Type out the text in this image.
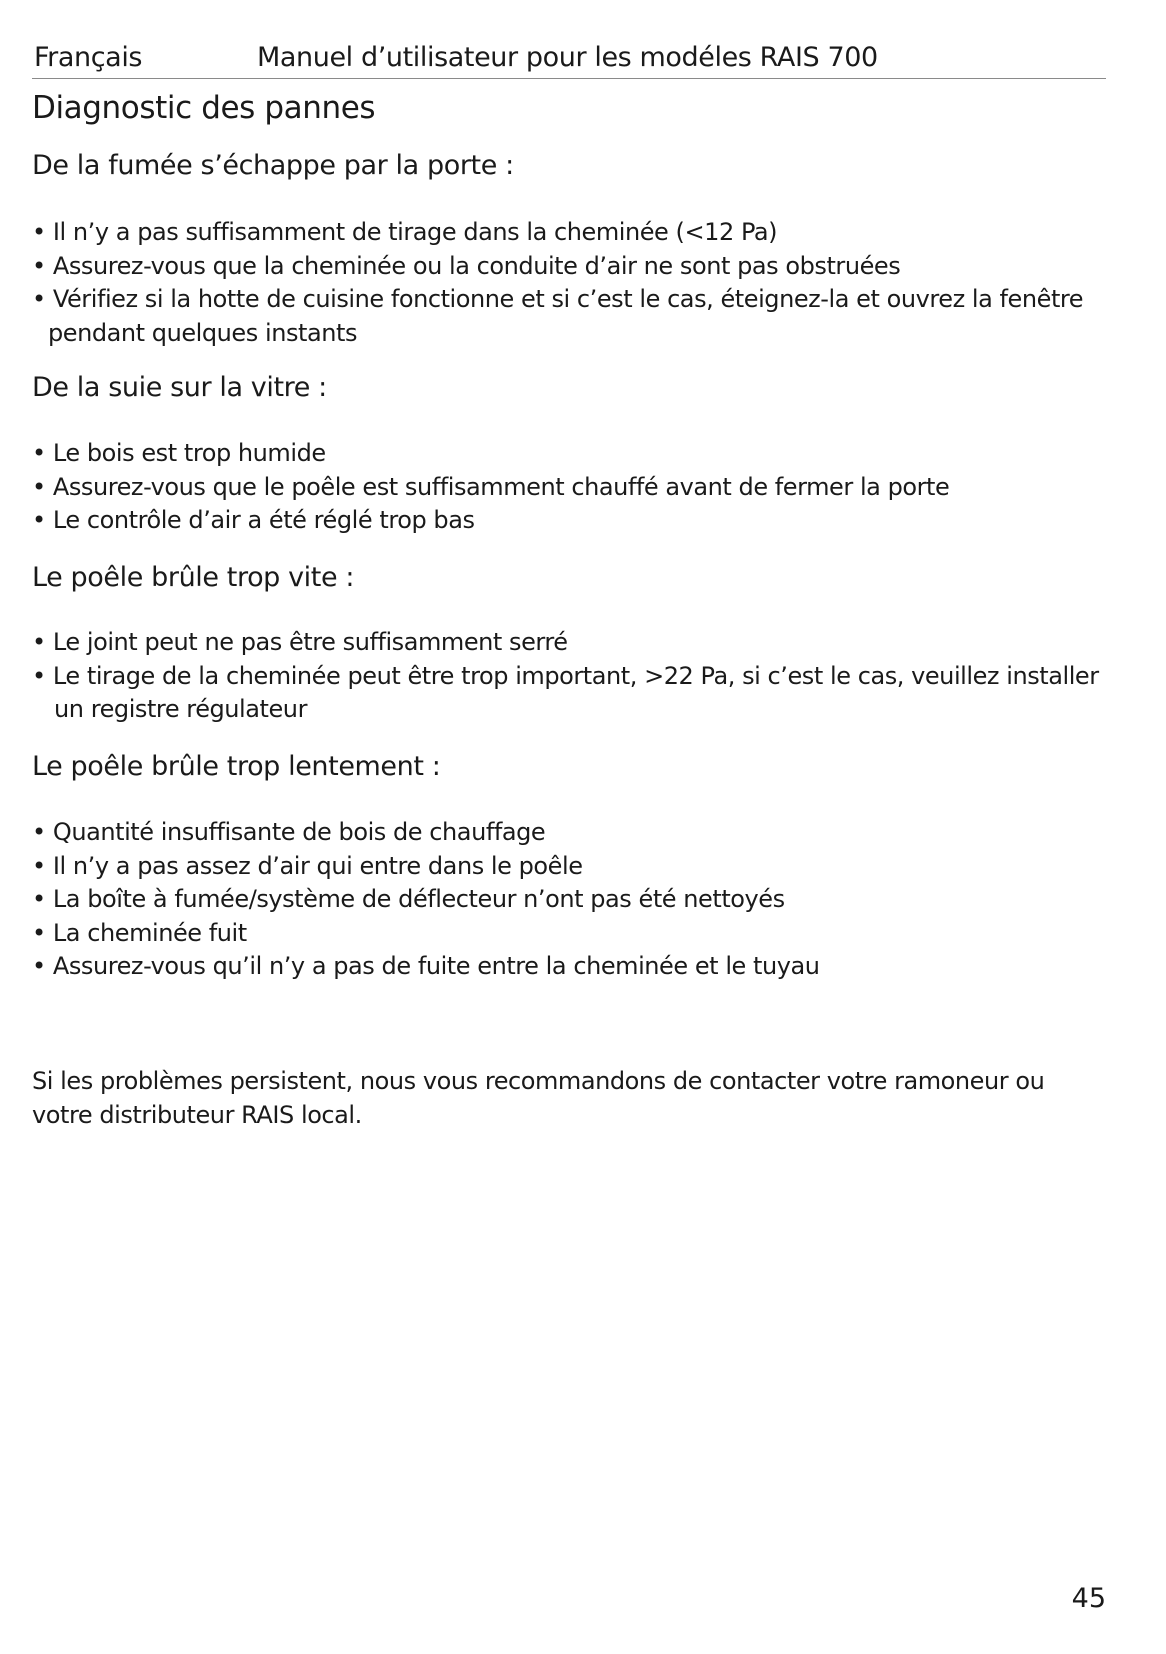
Français	Manuel d’utilisateur pour les modéles RAIS 700
Diagnostic des pannes
De la fumée s’échappe par la porte :
• Il n’y a pas suffisamment de tirage dans la cheminée (<12 Pa)
• Assurez-vous que la cheminée ou la conduite d’air ne sont pas obstruées
• Vérifiez si la hotte de cuisine fonctionne et si c’est le cas, éteignez-la et ouvrez la fenêtre pendant quelques instants
De la suie sur la vitre :
• Le bois est trop humide
• Assurez-vous que le poêle est suffisamment chauffé avant de fermer la porte
• Le contrôle d’air a été réglé trop bas
Le poêle brûle trop vite :
• Le joint peut ne pas être suffisamment serré
• Le tirage de la cheminée peut être trop important, >22 Pa, si c’est le cas, veuillez installer un registre régulateur
Le poêle brûle trop lentement :
• Quantité insuffisante de bois de chauffage
• Il n’y a pas assez d’air qui entre dans le poêle
• La boîte à fumée/système de déflecteur n’ont pas été nettoyés
• La cheminée fuit
• Assurez-vous qu’il n’y a pas de fuite entre la cheminée et le tuyau

Si les problèmes persistent, nous vous recommandons de contacter votre ramoneur ou votre distributeur RAIS local.

45
